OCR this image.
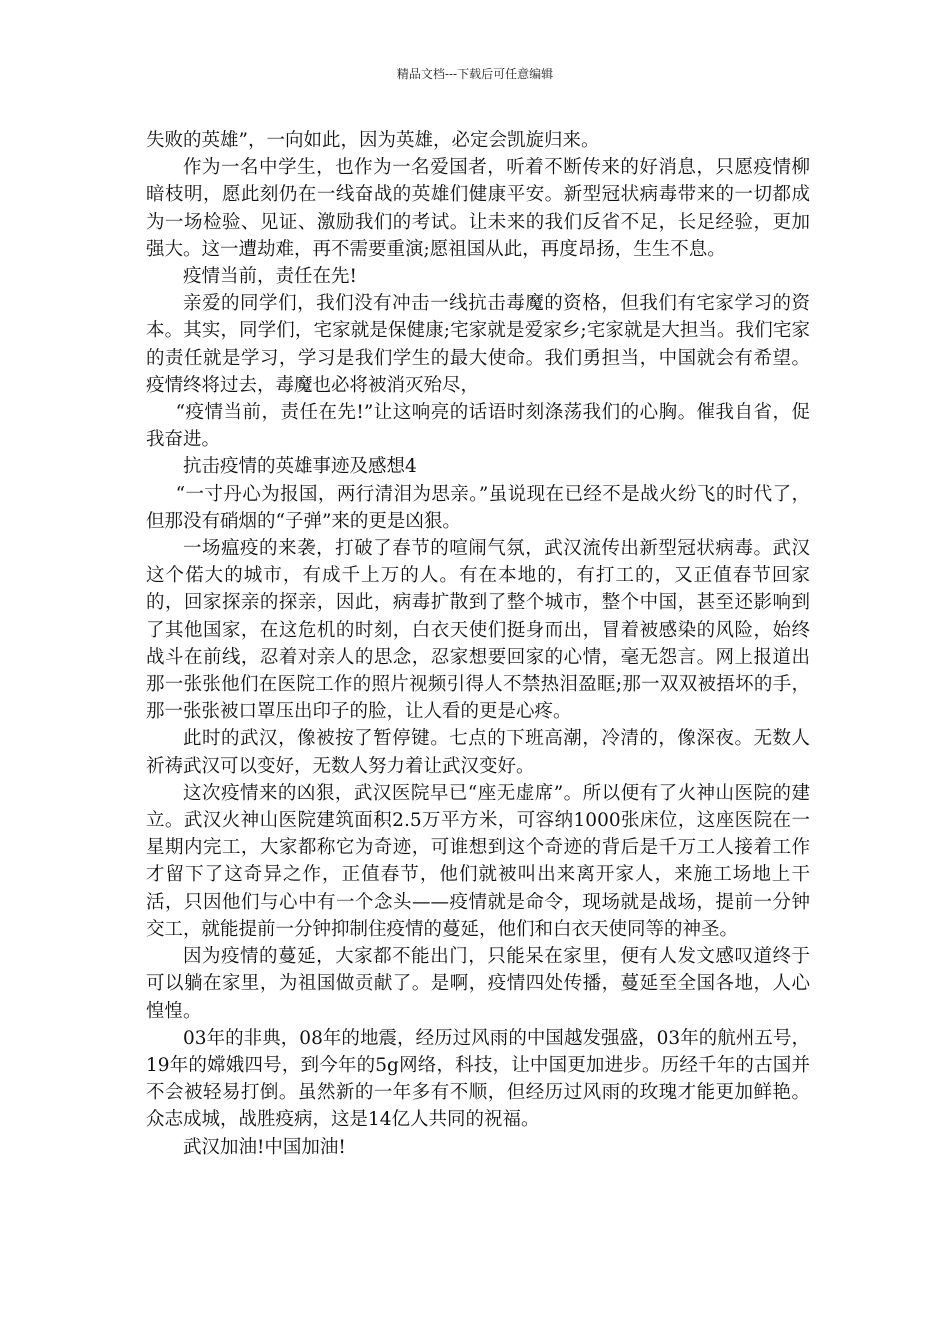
精品文档---下载后可任意编辑

失败的英雄”，一向如此，因为英雄，必定会凯旋归来。

作为一名中学生，也作为一名爱国者，听着不断传来的好消息，只愿疫情柳暗枝明，愿此刻仍在一线奋战的英雄们健康平安。新型冠状病毒带来的一切都成为一场检验、见证、激励我们的考试。让未来的我们反省不足，长足经验，更加强大。这一遭劫难，再不需要重演;愿祖国从此，再度昂扬，生生不息。

疫情当前，责任在先!

亲爱的同学们，我们没有冲击一线抗击毒魔的资格，但我们有宅家学习的资本。其实，同学们，宅家就是保健康;宅家就是爱家乡;宅家就是大担当。我们宅家的责任就是学习，学习是我们学生的最大使命。我们勇担当，中国就会有希望。疫情终将过去，毒魔也必将被消灭殆尽，

“疫情当前，责任在先!”让这响亮的话语时刻涤荡我们的心胸。催我自省，促我奋进。

抗击疫情的英雄事迹及感想4

“一寸丹心为报国，两行清泪为思亲。”虽说现在已经不是战火纷飞的时代了，但那没有硝烟的“子弹”来的更是凶狠。

一场瘟疫的来袭，打破了春节的喧闹气氛，武汉流传出新型冠状病毒。武汉这个偌大的城市，有成千上万的人。有在本地的，有打工的，又正值春节回家的，回家探亲的探亲，因此，病毒扩散到了整个城市，整个中国，甚至还影响到了其他国家，在这危机的时刻，白衣天使们挺身而出，冒着被感染的风险，始终战斗在前线，忍着对亲人的思念，忍家想要回家的心情，毫无怨言。网上报道出那一张张他们在医院工作的照片视频引得人不禁热泪盈眶;那一双双被捂坏的手，那一张张被口罩压出印子的脸，让人看的更是心疼。

此时的武汉，像被按了暂停键。七点的下班高潮，冷清的，像深夜。无数人祈祷武汉可以变好，无数人努力着让武汉变好。

这次疫情来的凶狠，武汉医院早已“座无虚席”。所以便有了火神山医院的建立。武汉火神山医院建筑面积2.5万平方米，可容纳1000张床位，这座医院在一星期内完工，大家都称它为奇迹，可谁想到这个奇迹的背后是千万工人接着工作才留下了这奇异之作，正值春节，他们就被叫出来离开家人，来施工场地上干活，只因他们与心中有一个念头——疫情就是命令，现场就是战场，提前一分钟交工，就能提前一分钟抑制住疫情的蔓延，他们和白衣天使同等的神圣。

因为疫情的蔓延，大家都不能出门，只能呆在家里，便有人发文感叹道终于可以躺在家里，为祖国做贡献了。是啊，疫情四处传播，蔓延至全国各地，人心惶惶。

03年的非典，08年的地震，经历过风雨的中国越发强盛，03年的航州五号，19年的嫦娥四号，到今年的5g网络，科技，让中国更加进步。历经千年的古国并不会被轻易打倒。虽然新的一年多有不顺，但经历过风雨的玫瑰才能更加鲜艳。众志成城，战胜疫病，这是14亿人共同的祝福。

武汉加油!中国加油!
